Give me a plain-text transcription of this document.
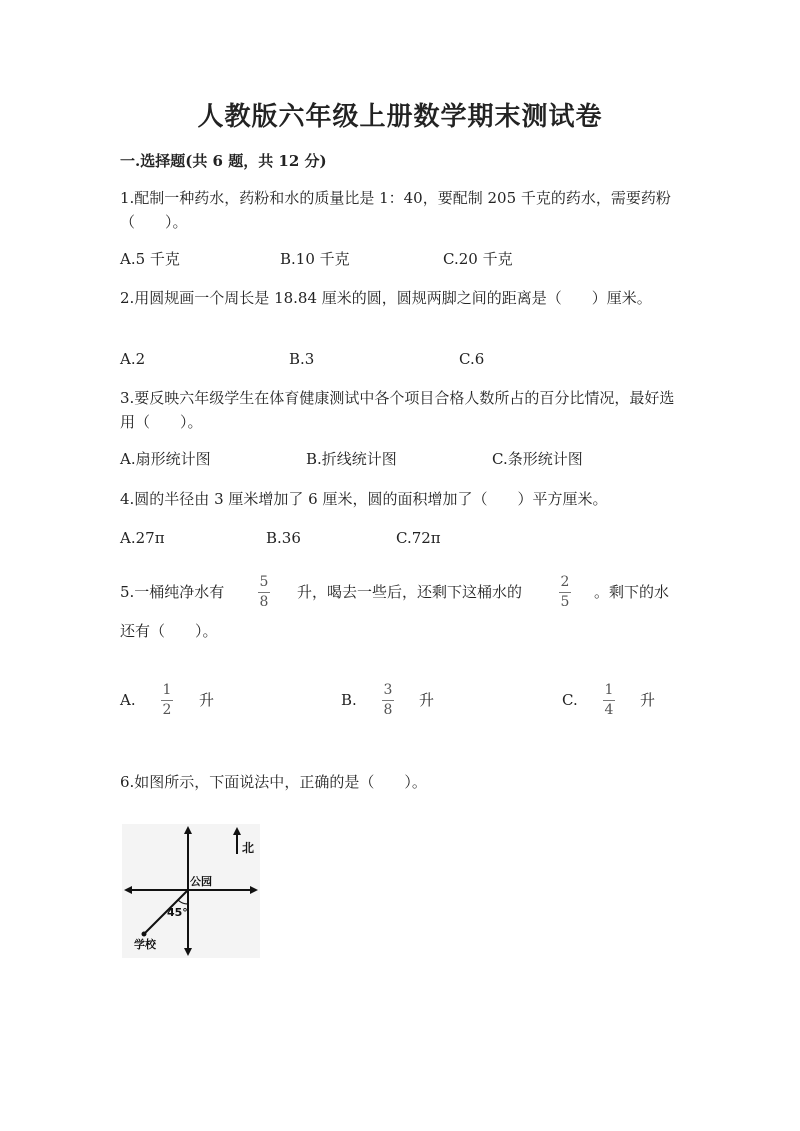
人教版六年级上册数学期末测试卷
一.选择题(共 6 题，共 12 分)
1.配制一种药水，药粉和水的质量比是 1：40，要配制 205 千克的药水，需要药粉（　　）。
A.5 千克	B.10 千克	C.20 千克
2.用圆规画一个周长是 18.84 厘米的圆，圆规两脚之间的距离是（　　）厘米。
A.2	B.3	C.6
3.要反映六年级学生在体育健康测试中各个项目合格人数所占的百分比情况，最好选用（　　）。
A.扇形统计图	B.折线统计图	C.条形统计图
4.圆的半径由 3 厘米增加了 6 厘米，圆的面积增加了（　　）平方厘米。
A.27π	B.36	C.72π
5.一桶纯净水有
5
8
升，喝去一些后，还剩下这桶水的
2
5
。剩下的水
还有（　　）。
A.
1
2
升	B.
3
8
升	C.
1
4
升
6.如图所示，下面说法中，正确的是（　　）。
北
公园
45°
学校
